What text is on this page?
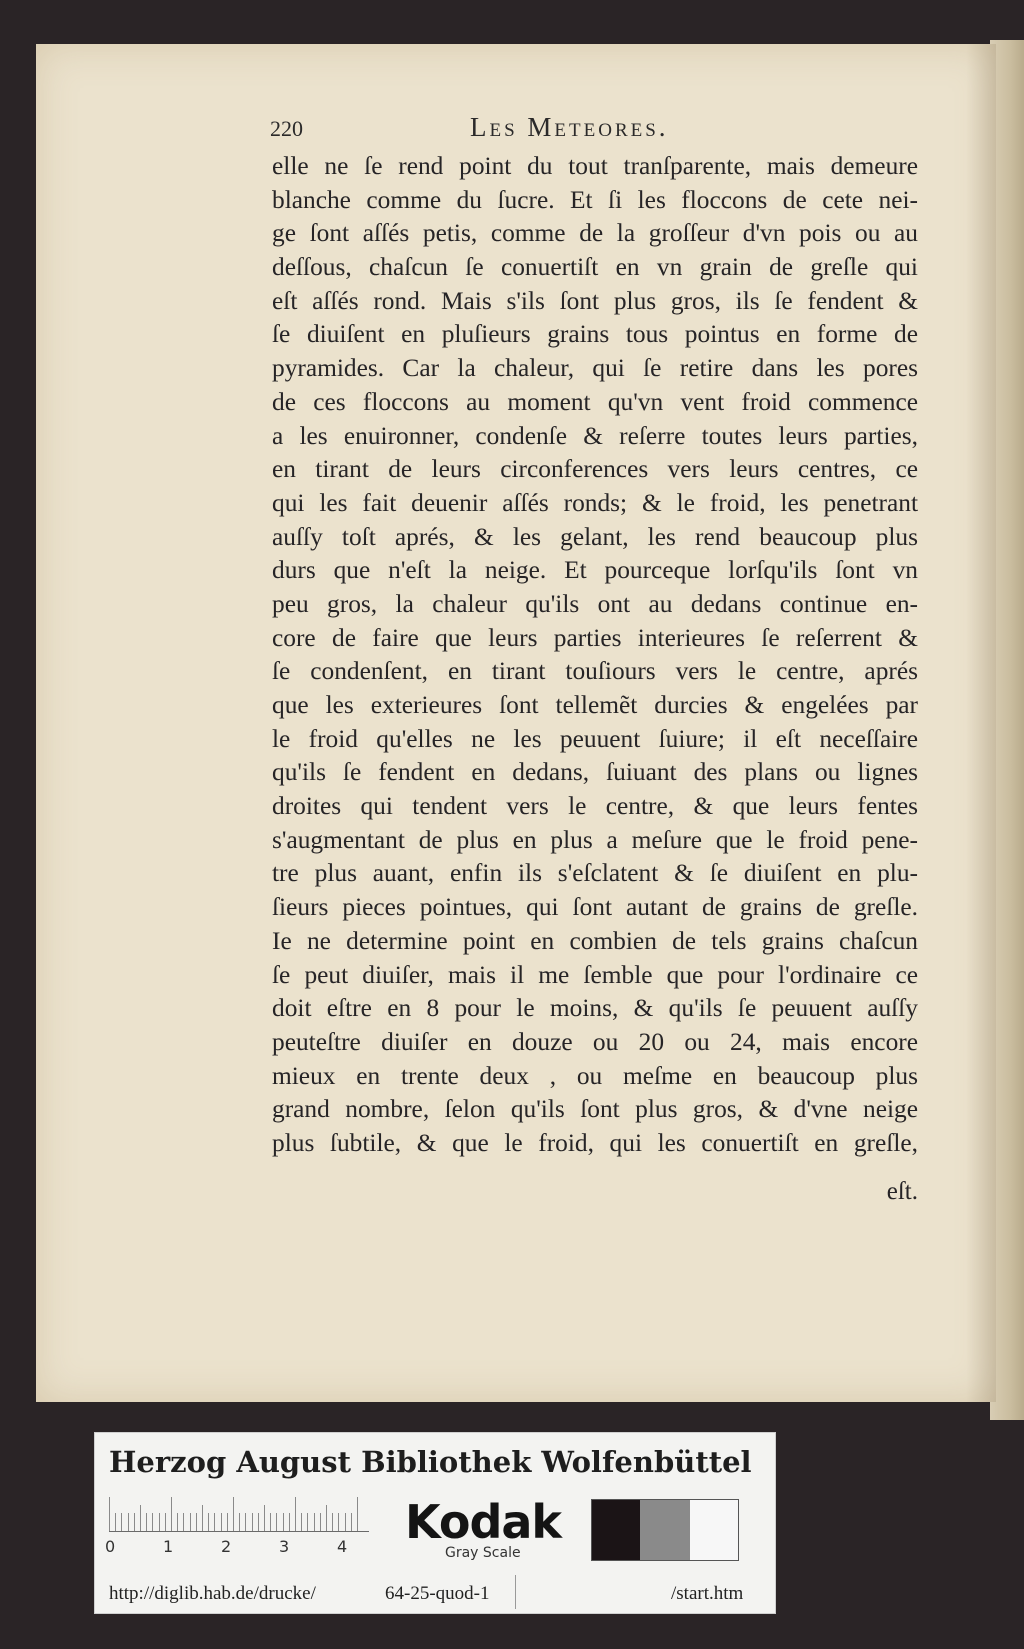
220	Les Meteores.
elle ne ſe rend point du tout tranſparente, mais demeure
blanche comme du ſucre. Et ſi les floccons de cete nei-
ge ſont aſſés petis, comme de la groſſeur d'vn pois ou au
deſſous, chaſcun ſe conuertiſt en vn grain de greſle qui
eſt aſſés rond. Mais s'ils ſont plus gros, ils ſe fendent &
ſe diuiſent en pluſieurs grains tous pointus en forme de
pyramides. Car la chaleur, qui ſe retire dans les pores
de ces floccons au moment qu'vn vent froid commence
a les enuironner, condenſe & reſerre toutes leurs parties,
en tirant de leurs circonferences vers leurs centres, ce
qui les fait deuenir aſſés ronds; & le froid, les penetrant
auſſy toſt aprés, & les gelant, les rend beaucoup plus
durs que n'eſt la neige. Et pourceque lorſqu'ils ſont vn
peu gros, la chaleur qu'ils ont au dedans continue en-
core de faire que leurs parties interieures ſe reſerrent &
ſe condenſent, en tirant touſiours vers le centre, aprés
que les exterieures ſont tellemẽt durcies & engelées par
le froid qu'elles ne les peuuent ſuiure; il eſt neceſſaire
qu'ils ſe fendent en dedans, ſuiuant des plans ou lignes
droites qui tendent vers le centre, & que leurs fentes
s'augmentant de plus en plus a meſure que le froid pene-
tre plus auant, enfin ils s'eſclatent & ſe diuiſent en plu-
ſieurs pieces pointues, qui ſont autant de grains de greſle.
Ie ne determine point en combien de tels grains chaſcun
ſe peut diuiſer, mais il me ſemble que pour l'ordinaire ce
doit eſtre en 8 pour le moins, & qu'ils ſe peuuent auſſy
peuteſtre diuiſer en douze ou 20 ou 24, mais encore
mieux en trente deux , ou meſme en beaucoup plus
grand nombre, ſelon qu'ils ſont plus gros, & d'vne neige
plus ſubtile, & que le froid, qui les conuertiſt en greſle,
eſt.
Herzog August Bibliothek Wolfenbüttel
0	1	2	3	4 Kodak
Gray Scale
http://diglib.hab.de/drucke/	64-25-quod-1	/start.htm
